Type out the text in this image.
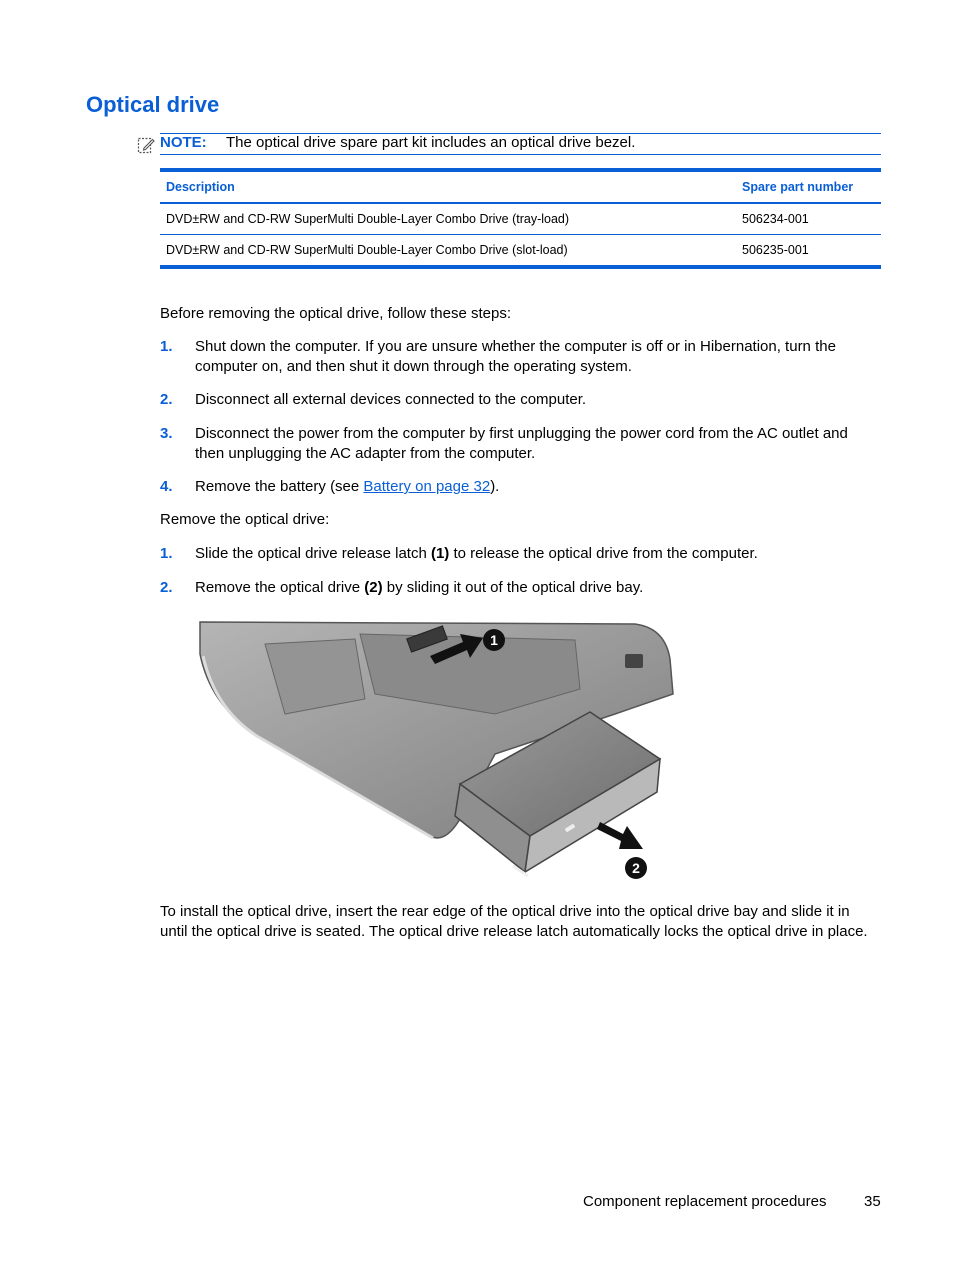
Optical drive
NOTE: The optical drive spare part kit includes an optical drive bezel.
Description	Spare part number
DVD±RW and CD-RW SuperMulti Double-Layer Combo Drive (tray-load)	506234-001
DVD±RW and CD-RW SuperMulti Double-Layer Combo Drive (slot-load)	506235-001

Before removing the optical drive, follow these steps:

1. Shut down the computer. If you are unsure whether the computer is off or in Hibernation, turn the computer on, and then shut it down through the operating system.
2. Disconnect all external devices connected to the computer.
3. Disconnect the power from the computer by first unplugging the power cord from the AC outlet and then unplugging the AC adapter from the computer.
4. Remove the battery (see Battery on page 32).

Remove the optical drive:

1. Slide the optical drive release latch (1) to release the optical drive from the computer.
2. Remove the optical drive (2) by sliding it out of the optical drive bay.
1
2

To install the optical drive, insert the rear edge of the optical drive into the optical drive bay and slide it in until the optical drive is seated. The optical drive release latch automatically locks the optical drive in place.

Component replacement procedures	35
